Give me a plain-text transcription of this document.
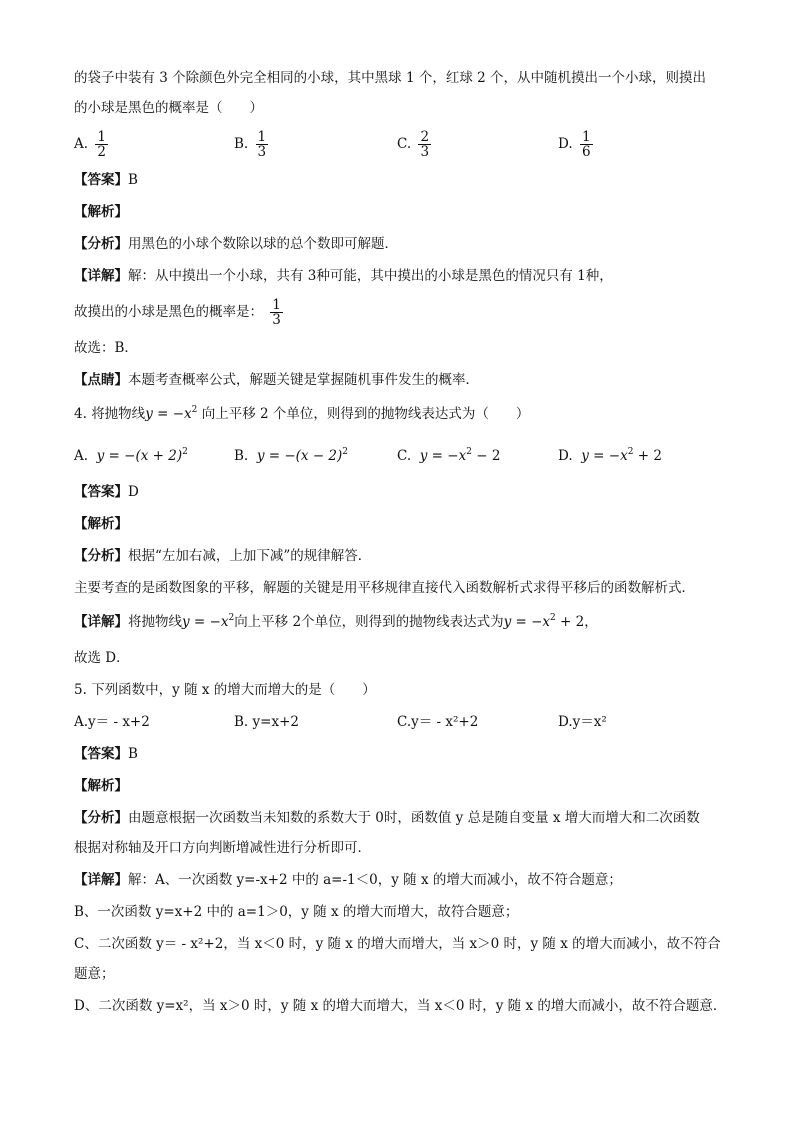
的袋子中装有 3 个除颜色外完全相同的小球，其中黑球 1 个，红球 2 个，从中随机摸出一个小球，则摸出
的小球是黑色的概率是（　　）
A. $\frac{1}{2}$	B. $\frac{1}{3}$	C. $\frac{2}{3}$	D. $\frac{1}{6}$
【答案】B
【解析】
【分析】用黑色的小球个数除以球的总个数即可解题．
【详解】解：从中摸出一个小球，共有 3种可能，其中摸出的小球是黑色的情况只有 1种，
故摸出的小球是黑色的概率是： $\frac{1}{3}$
故选：B．
【点睛】本题考查概率公式，解题关键是掌握随机事件发生的概率．
4. 将抛物线$y = -x^2$ 向上平移 2 个单位，则得到的抛物线表达式为（　　）
A. $y = -(x + 2)^2$	B. $y = -(x - 2)^2$	C. $y = -x^2 - 2$	D. $y = -x^2 + 2$
【答案】D
【解析】
【分析】根据“左加右减，上加下减”的规律解答．
主要考查的是函数图象的平移，解题的关键是用平移规律直接代入函数解析式求得平移后的函数解析式．
【详解】将抛物线$y = -x^2$向上平移 2个单位，则得到的抛物线表达式为$y = -x^2 + 2$，
故选 D．
5. 下列函数中，y 随 x 的增大而增大的是（　　）
A.y＝ - x+2	B. y=x+2	C.y＝ - x²+2	D.y＝x²
【答案】B
【解析】
【分析】由题意根据一次函数当未知数的系数大于 0时，函数值 y 总是随自变量 x 增大而增大和二次函数
根据对称轴及开口方向判断增减性进行分析即可．
【详解】解：A、一次函数 y=-x+2 中的 a=-1＜0，y 随 x 的增大而减小，故不符合题意；
B、一次函数 y=x+2 中的 a=1＞0，y 随 x 的增大而增大，故符合题意；
C、二次函数 y＝ - x²+2，当 x＜0 时，y 随 x 的增大而增大，当 x＞0 时，y 随 x 的增大而减小，故不符合
题意；
D、二次函数 y=x²，当 x＞0 时，y 随 x 的增大而增大，当 x＜0 时，y 随 x 的增大而减小，故不符合题意．
